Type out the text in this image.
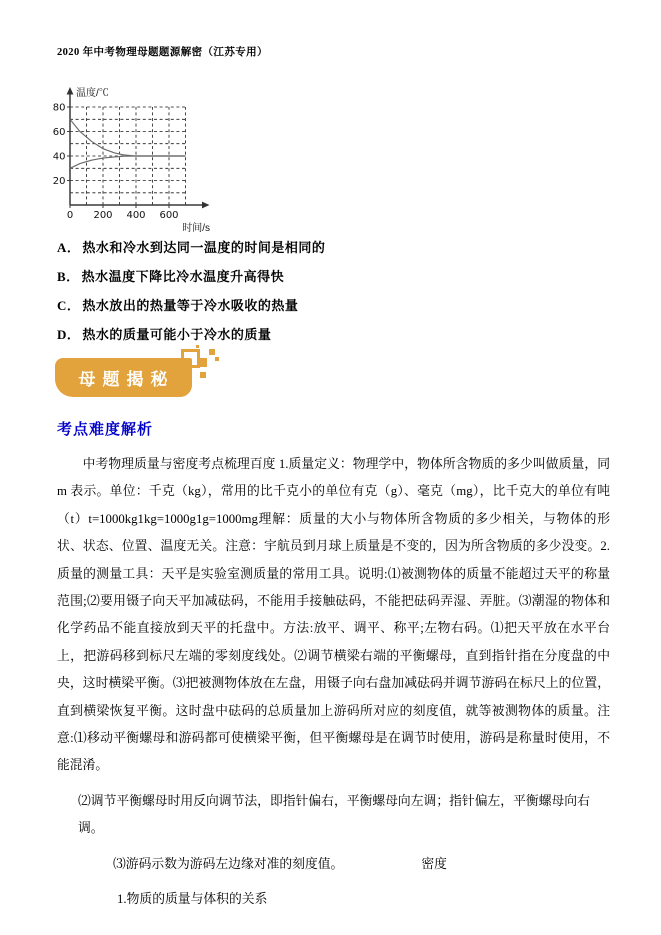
2020 年中考物理母题题源解密（江苏专用）
20
40
60
80
0 200 400 600
温度/℃
时间/s
A． 热水和冷水到达同一温度的时间是相同的
B． 热水温度下降比冷水温度升高得快
C． 热水放出的热量等于冷水吸收的热量
D． 热水的质量可能小于冷水的质量
母题揭秘
考点难度解析

中考物理质量与密度考点梳理百度 1.质量定义：物理学中，物体所含物质的多少叫做质量，同 m 表示。单位：千克（kg），常用的比千克小的单位有克（g）、毫克（mg），比千克大的单位有吨（t）t=1000kg1kg=1000g1g=1000mg理解：质量的大小与物体所含物质的多少相关，与物体的形状、状态、位置、温度无关。注意：宇航员到月球上质量是不变的，因为所含物质的多少没变。2.质量的测量工具：天平是实验室测质量的常用工具。说明:⑴被测物体的质量不能超过天平的称量范围;⑵要用镊子向天平加减砝码，不能用手接触砝码，不能把砝码弄湿、弄脏。⑶潮湿的物体和化学药品不能直接放到天平的托盘中。方法:放平、调平、称平;左物右码。⑴把天平放在水平台上，把游码移到标尺左端的零刻度线处。⑵调节横梁右端的平衡螺母，直到指针指在分度盘的中央，这时横梁平衡。⑶把被测物体放在左盘，用镊子向右盘加减砝码并调节游码在标尺上的位置，直到横梁恢复平衡。这时盘中砝码的总质量加上游码所对应的刻度值，就等被测物体的质量。注意:⑴移动平衡螺母和游码都可使横梁平衡，但平衡螺母是在调节时使用，游码是称量时使用，不能混淆。

⑵调节平衡螺母时用反向调节法，即指针偏右，平衡螺母向左调；指针偏左，平衡螺母向右调。

⑶游码示数为游码左边缘对准的刻度值。	密度

1.物质的质量与体积的关系
